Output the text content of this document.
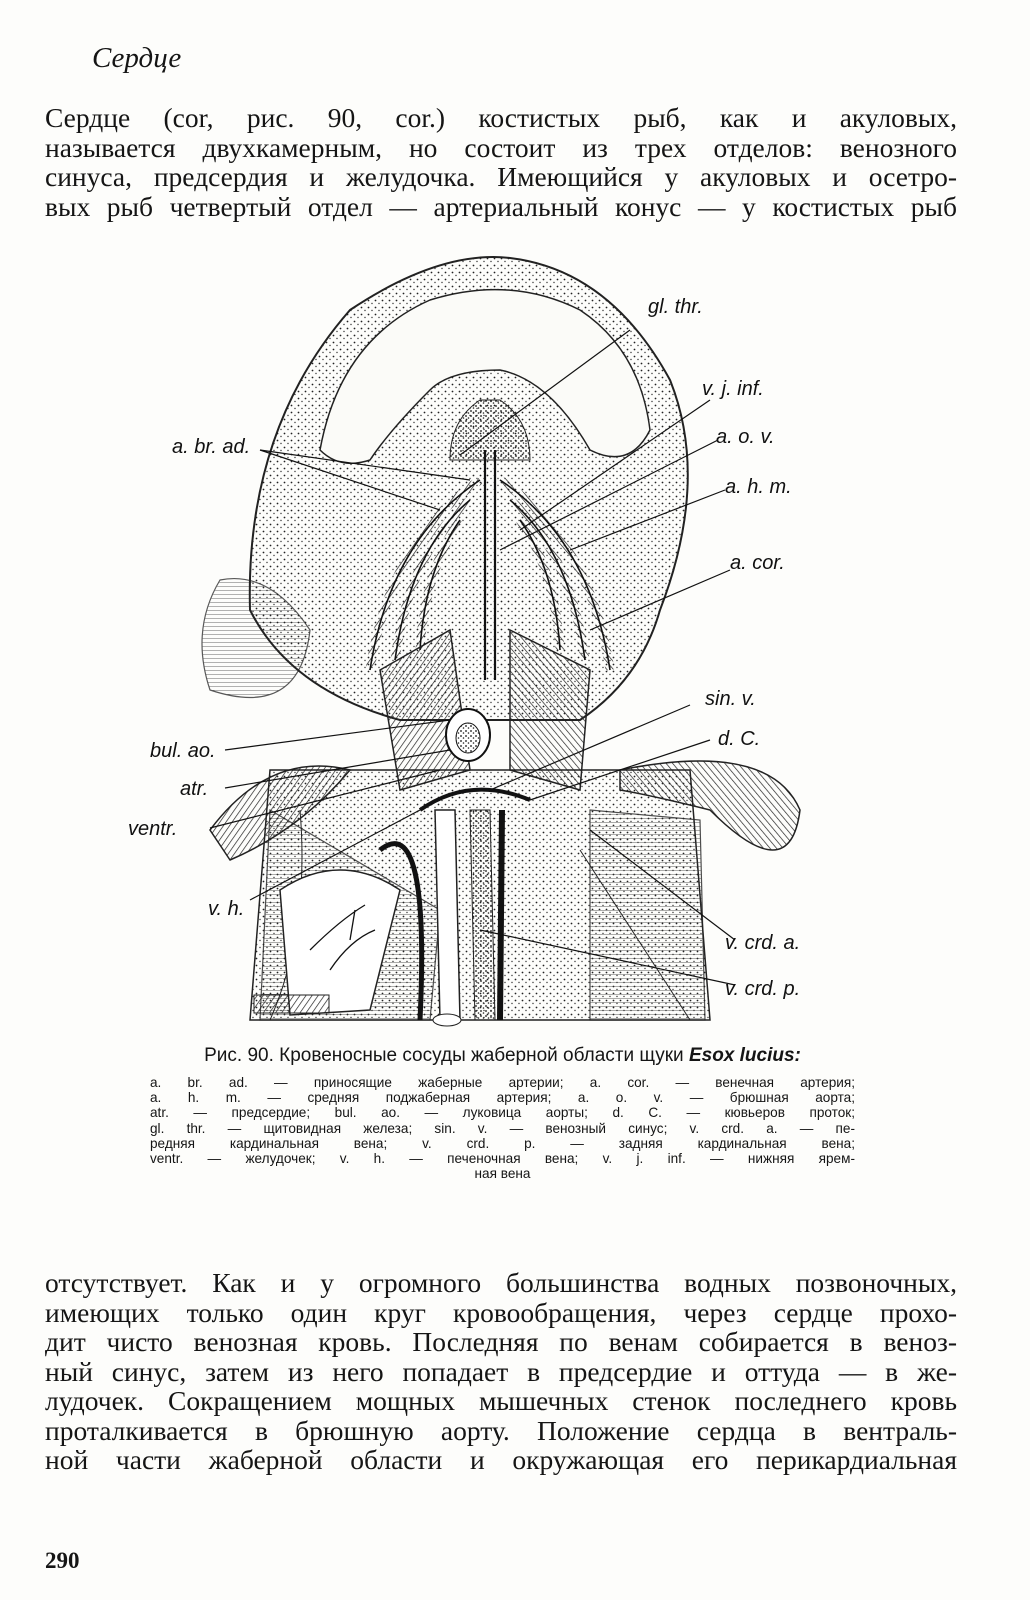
Сердце
Сердце (cor, рис. 90, cor.) костистых рыб, как и акуловых,
называется двухкамерным, но состоит из трех отделов: венозного
синуса, предсердия и желудочка. Имеющийся у акуловых и осетро-
вых рыб четвертый отдел — артериальный конус — у костистых рыб
gl. thr.
v. j. inf.
a. o. v.
a. h. m.
a. cor.
a. br. ad.
sin. v.
d. C.
bul. ao.
atr.
ventr.
v. h.
v. crd. a.
v. crd. p.
Рис. 90. Кровеносные сосуды жаберной области щуки Esox lucius:
a. br. ad. — приносящие жаберные артерии; a. cor. — венечная артерия;
a. h. m. — средняя поджаберная артерия; a. o. v. — брюшная аорта;
atr. — предсердие; bul. ao. — луковица аорты; d. C. — кювьеров проток;
gl. thr. — щитовидная железа; sin. v. — венозный синус; v. crd. a. — пе-
редняя кардинальная вена; v. crd. p. — задняя кардинальная вена;
ventr. — желудочек; v. h. — печеночная вена; v. j. inf. — нижняя ярем-
ная вена
отсутствует. Как и у огромного большинства водных позвоночных,
имеющих только один круг кровообращения, через сердце прохо-
дит чисто венозная кровь. Последняя по венам собирается в веноз-
ный синус, затем из него попадает в предсердие и оттуда — в же-
лудочек. Сокращением мощных мышечных стенок последнего кровь
проталкивается в брюшную аорту. Положение сердца в вентраль-
ной части жаберной области и окружающая его перикардиальная
290
